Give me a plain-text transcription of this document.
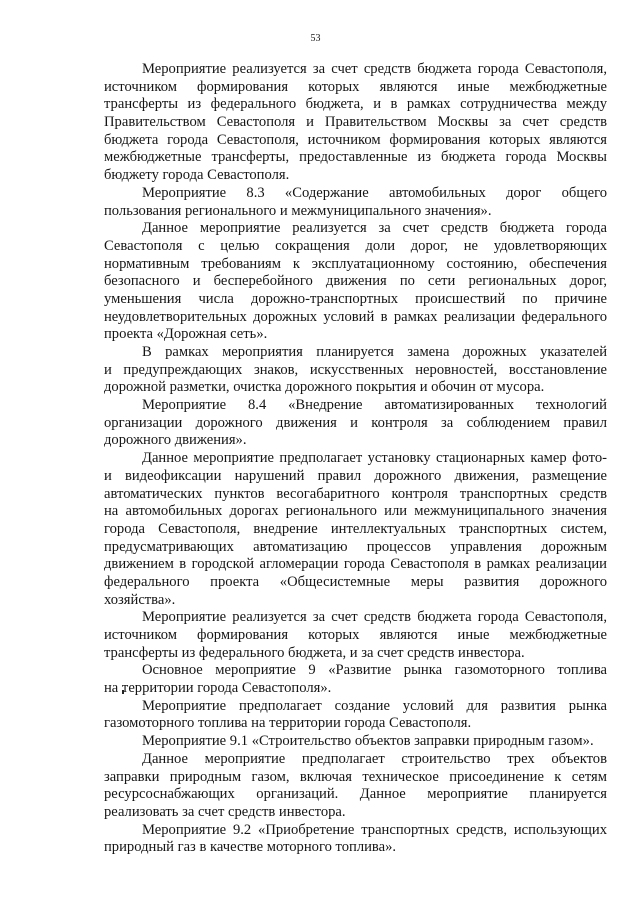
53
Мероприятие реализуется за счет средств бюджета города Севастополя,
источником формирования которых являются иные межбюджетные
трансферты из федерального бюджета, и в рамках сотрудничества между
Правительством Севастополя и Правительством Москвы за счет средств
бюджета города Севастополя, источником формирования которых являются
межбюджетные трансферты, предоставленные из бюджета города Москвы
бюджету города Севастополя.
Мероприятие 8.3 «Содержание автомобильных дорог общего
пользования регионального и межмуниципального значения».
Данное мероприятие реализуется за счет средств бюджета города
Севастополя с целью сокращения доли дорог, не удовлетворяющих
нормативным требованиям к эксплуатационному состоянию, обеспечения
безопасного и бесперебойного движения по сети региональных дорог,
уменьшения числа дорожно-транспортных происшествий по причине
неудовлетворительных дорожных условий в рамках реализации федерального
проекта «Дорожная сеть».
В рамках мероприятия планируется замена дорожных указателей
и предупреждающих знаков, искусственных неровностей, восстановление
дорожной разметки, очистка дорожного покрытия и обочин от мусора.
Мероприятие 8.4 «Внедрение автоматизированных технологий
организации дорожного движения и контроля за соблюдением правил
дорожного движения».
Данное мероприятие предполагает установку стационарных камер фото-
и видеофиксации нарушений правил дорожного движения, размещение
автоматических пунктов весогабаритного контроля транспортных средств
на автомобильных дорогах регионального или межмуниципального значения
города Севастополя, внедрение интеллектуальных транспортных систем,
предусматривающих автоматизацию процессов управления дорожным
движением в городской агломерации города Севастополя в рамках реализации
федерального проекта «Общесистемные меры развития дорожного
хозяйства».
Мероприятие реализуется за счет средств бюджета города Севастополя,
источником формирования которых являются иные межбюджетные
трансферты из федерального бюджета, и за счет средств инвестора.
Основное мероприятие 9 «Развитие рынка газомоторного топлива
на территории города Севастополя».
Мероприятие предполагает создание условий для развития рынка
газомоторного топлива на территории города Севастополя.
Мероприятие 9.1 «Строительство объектов заправки природным газом».
Данное мероприятие предполагает строительство трех объектов
заправки природным газом, включая техническое присоединение к сетям
ресурсоснабжающих организаций. Данное мероприятие планируется
реализовать за счет средств инвестора.
Мероприятие 9.2 «Приобретение транспортных средств, использующих
природный газ в качестве моторного топлива».
